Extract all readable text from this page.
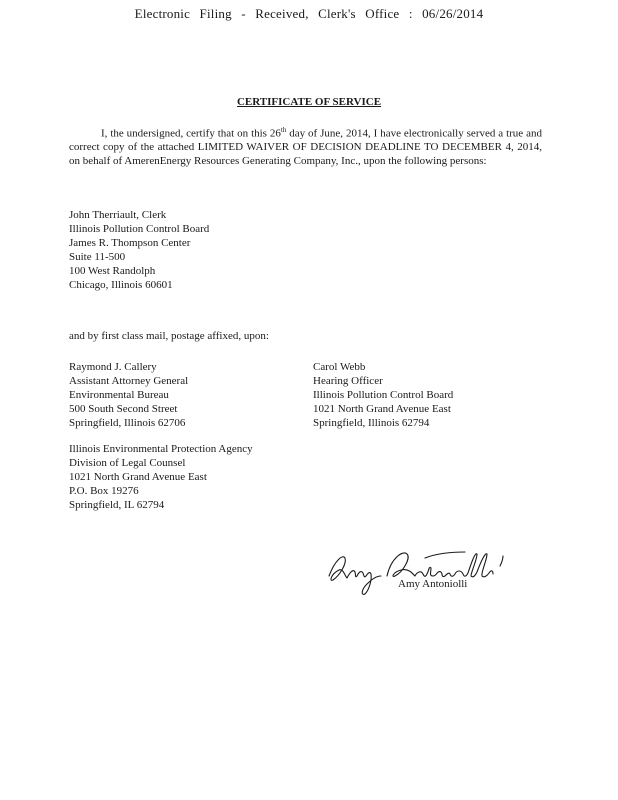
Electronic Filing - Received, Clerk's Office : 06/26/2014
CERTIFICATE OF SERVICE
I, the undersigned, certify that on this 26th day of June, 2014, I have electronically served a true and correct copy of the attached LIMITED WAIVER OF DECISION DEADLINE TO DECEMBER 4, 2014, on behalf of AmerenEnergy Resources Generating Company, Inc., upon the following persons:
John Therriault, Clerk
Illinois Pollution Control Board
James R. Thompson Center
Suite 11-500
100 West Randolph
Chicago, Illinois 60601
and by first class mail, postage affixed, upon:
Raymond J. Callery
Assistant Attorney General
Environmental Bureau
500 South Second Street
Springfield, Illinois 62706
Carol Webb
Hearing Officer
Illinois Pollution Control Board
1021 North Grand Avenue East
Springfield, Illinois 62794
Illinois Environmental Protection Agency
Division of Legal Counsel
1021 North Grand Avenue East
P.O. Box 19276
Springfield, IL 62794
Amy Antoniolli
